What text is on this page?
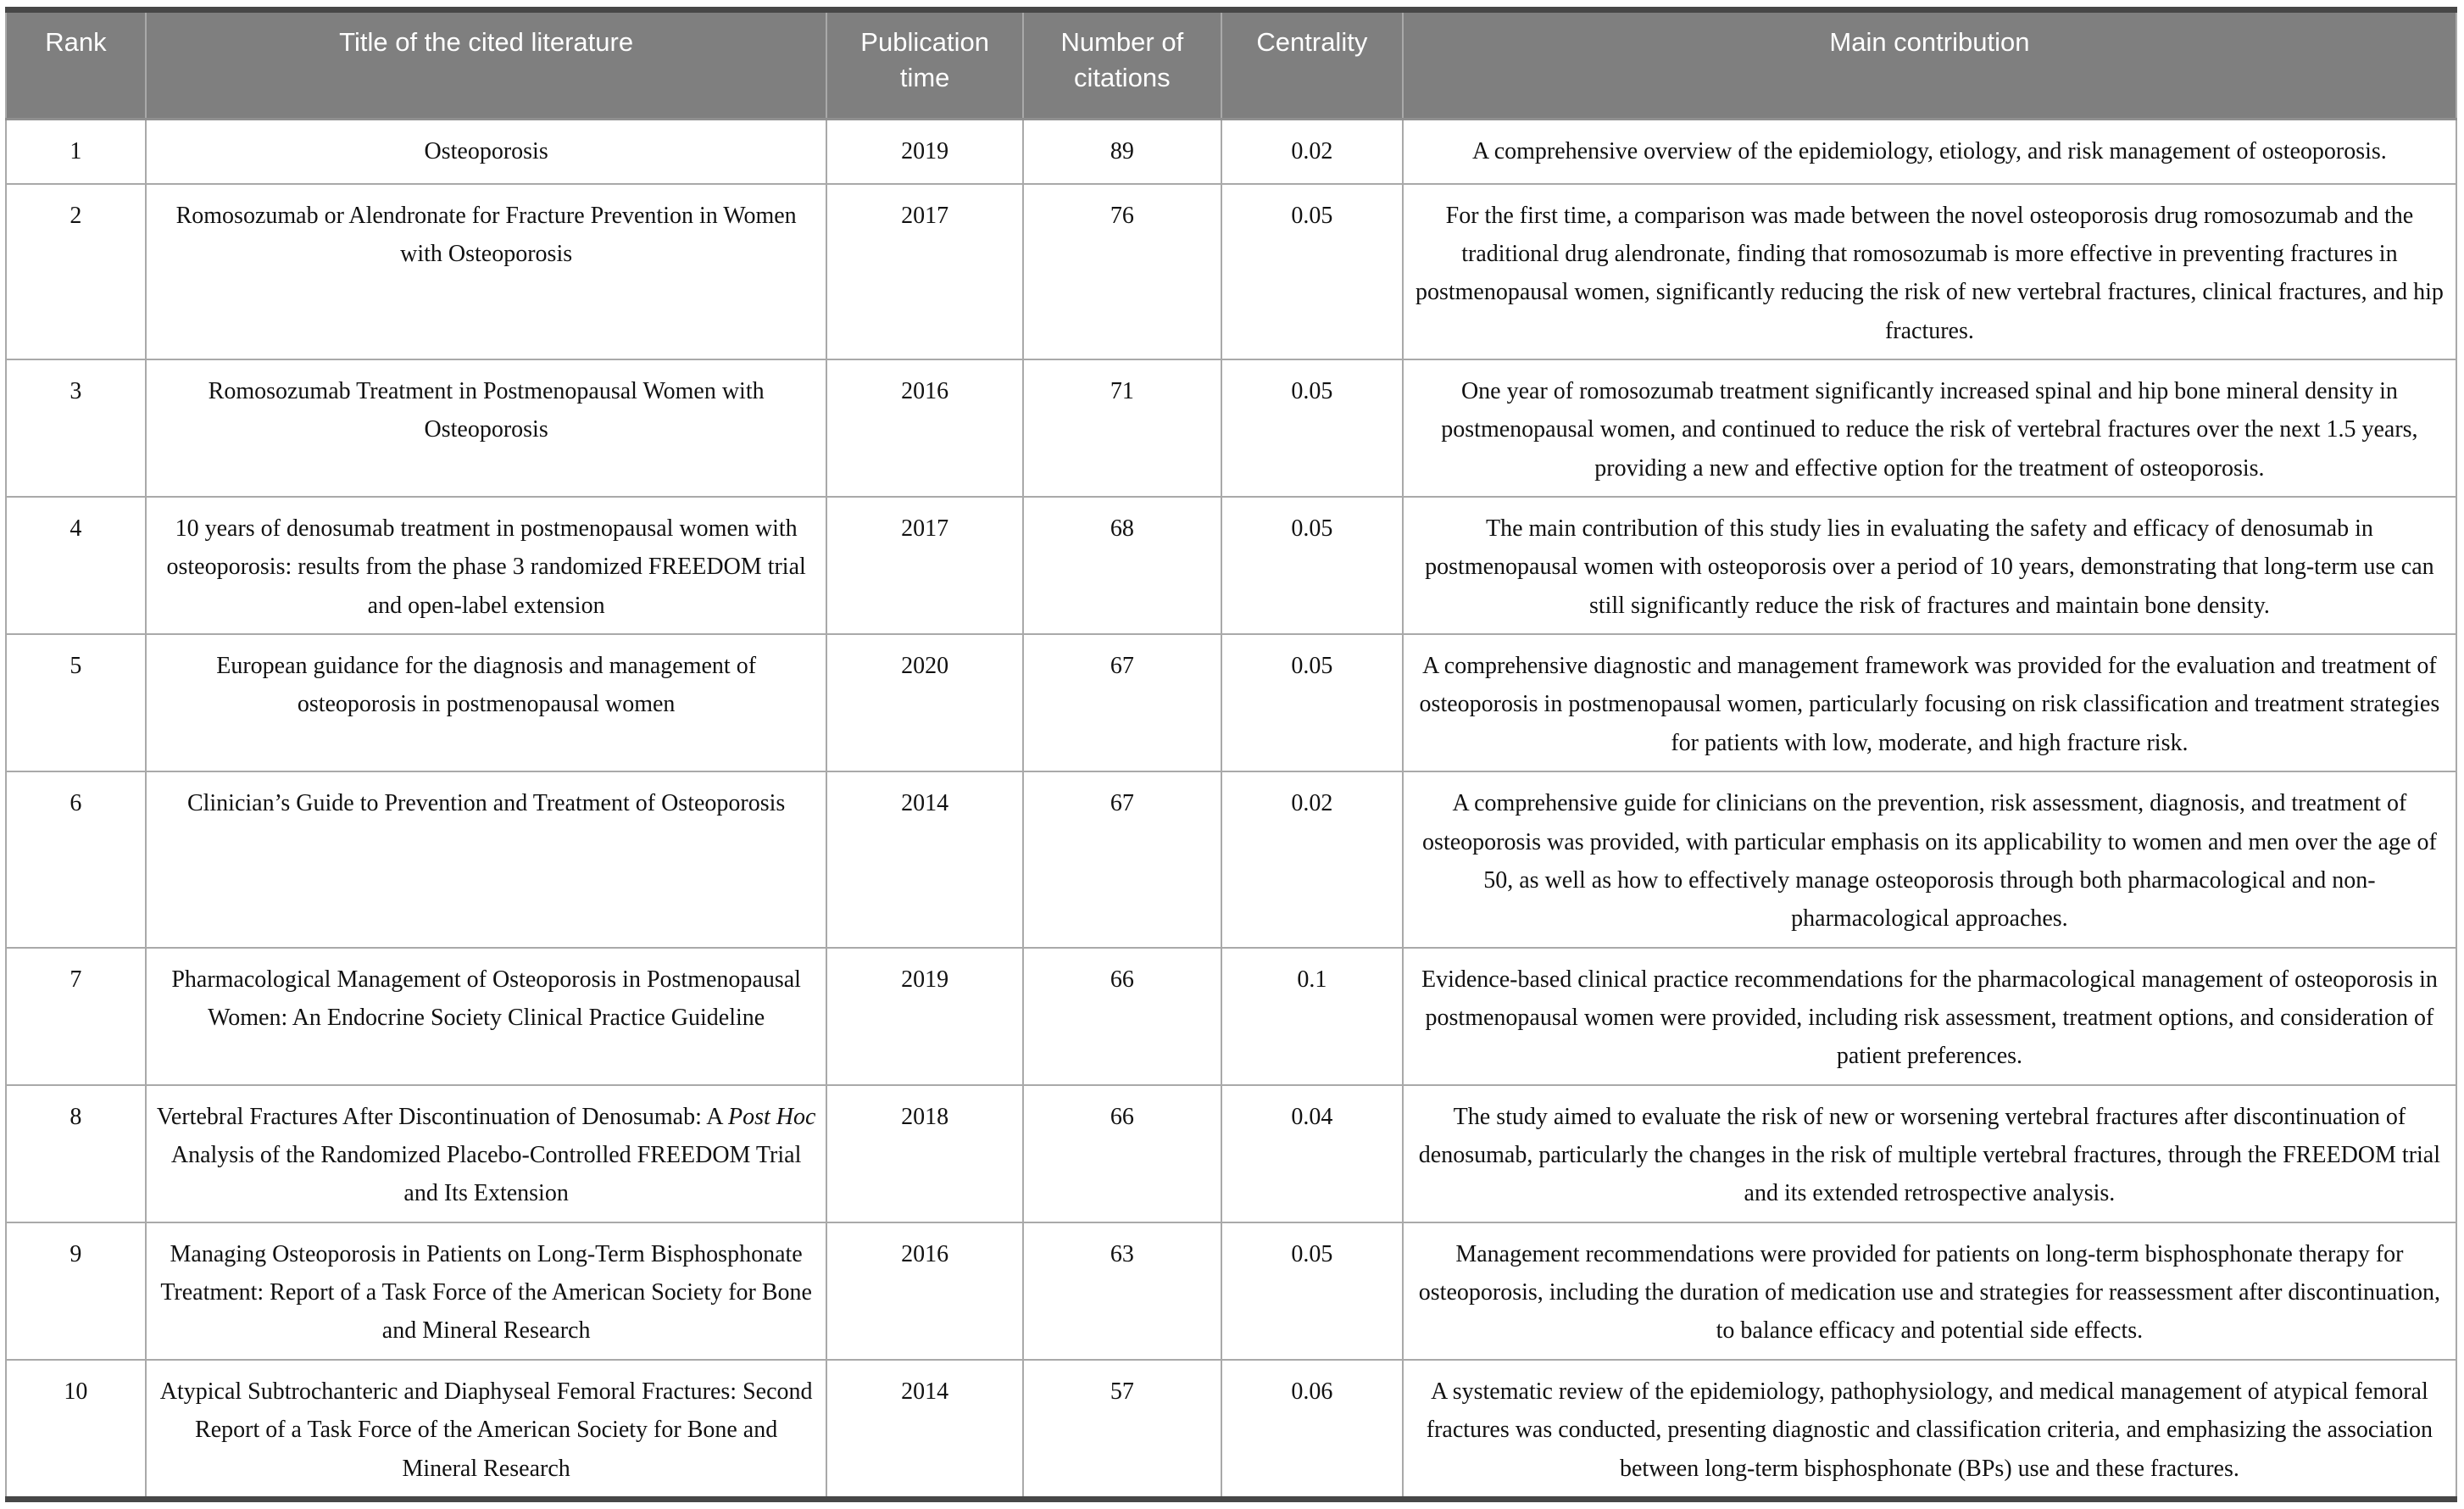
Rank	Title of the cited literature	Publication time	Number of citations	Centrality	Main contribution
1	Osteoporosis	2019	89	0.02	A comprehensive overview of the epidemiology, etiology, and risk management of osteoporosis.
2	Romosozumab or Alendronate for Fracture Prevention in Women with Osteoporosis	2017	76	0.05	For the first time, a comparison was made between the novel osteoporosis drug romosozumab and the traditional drug alendronate, finding that romosozumab is more effective in preventing fractures in postmenopausal women, significantly reducing the risk of new vertebral fractures, clinical fractures, and hip fractures.
3	Romosozumab Treatment in Postmenopausal Women with Osteoporosis	2016	71	0.05	One year of romosozumab treatment significantly increased spinal and hip bone mineral density in postmenopausal women, and continued to reduce the risk of vertebral fractures over the next 1.5 years, providing a new and effective option for the treatment of osteoporosis.
4	10 years of denosumab treatment in postmenopausal women with osteoporosis: results from the phase 3 randomized FREEDOM trial and open-label extension	2017	68	0.05	The main contribution of this study lies in evaluating the safety and efficacy of denosumab in postmenopausal women with osteoporosis over a period of 10 years, demonstrating that long-term use can still significantly reduce the risk of fractures and maintain bone density.
5	European guidance for the diagnosis and management of osteoporosis in postmenopausal women	2020	67	0.05	A comprehensive diagnostic and management framework was provided for the evaluation and treatment of osteoporosis in postmenopausal women, particularly focusing on risk classification and treatment strategies for patients with low, moderate, and high fracture risk.
6	Clinician’s Guide to Prevention and Treatment of Osteoporosis	2014	67	0.02	A comprehensive guide for clinicians on the prevention, risk assessment, diagnosis, and treatment of osteoporosis was provided, with particular emphasis on its applicability to women and men over the age of 50, as well as how to effectively manage osteoporosis through both pharmacological and non-pharmacological approaches.
7	Pharmacological Management of Osteoporosis in Postmenopausal Women: An Endocrine Society Clinical Practice Guideline	2019	66	0.1	Evidence-based clinical practice recommendations for the pharmacological management of osteoporosis in postmenopausal women were provided, including risk assessment, treatment options, and consideration of patient preferences.
8	Vertebral Fractures After Discontinuation of Denosumab: A Post Hoc Analysis of the Randomized Placebo-Controlled FREEDOM Trial and Its Extension	2018	66	0.04	The study aimed to evaluate the risk of new or worsening vertebral fractures after discontinuation of denosumab, particularly the changes in the risk of multiple vertebral fractures, through the FREEDOM trial and its extended retrospective analysis.
9	Managing Osteoporosis in Patients on Long-Term Bisphosphonate Treatment: Report of a Task Force of the American Society for Bone and Mineral Research	2016	63	0.05	Management recommendations were provided for patients on long-term bisphosphonate therapy for osteoporosis, including the duration of medication use and strategies for reassessment after discontinuation, to balance efficacy and potential side effects.
10	Atypical Subtrochanteric and Diaphyseal Femoral Fractures: Second Report of a Task Force of the American Society for Bone and Mineral Research	2014	57	0.06	A systematic review of the epidemiology, pathophysiology, and medical management of atypical femoral fractures was conducted, presenting diagnostic and classification criteria, and emphasizing the association between long-term bisphosphonate (BPs) use and these fractures.
